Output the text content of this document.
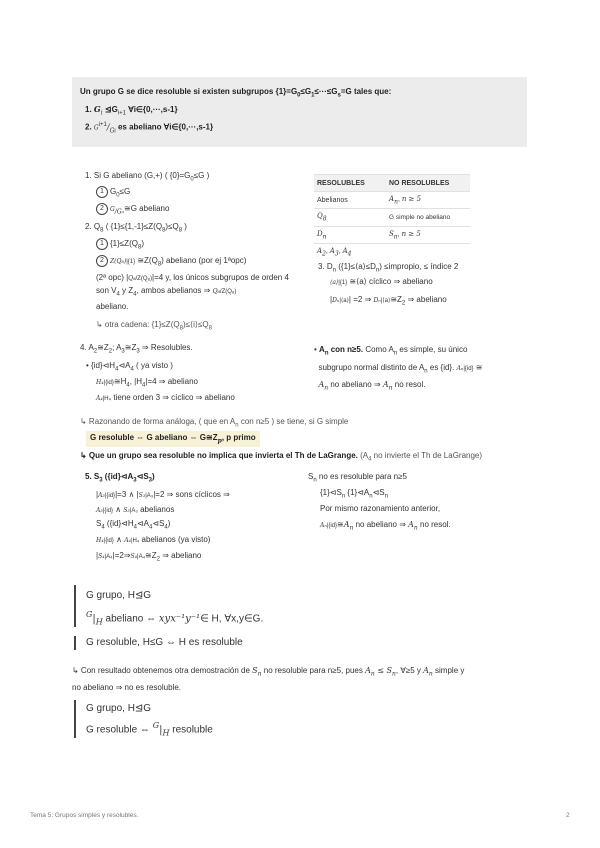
Un grupo G se dice resoluble si existen subgrupos $\{1\}=G_0\le G_1\le\cdot\cdot\cdot\le G_s=G$ tales que:
1. $G_i$ $⊴G_{i+1}$ ∀i∈{0,···,s-1}
2. $G^{i+1}/_{Gi}$ es abeliano ∀i∈{0,···,s-1}
1. Si G abeliano (G,+) ( $\{0\}=G_0\le G$ )
1 $G_0\le G$
2 $G_{/G_0}≅G$ abeliano
2. $Q_8$ ( $\{1\}\le\{1,-1\}\le Z(Q_8)\le Q_8$ )
1 $\{1\}\le Z(Q_8)$
2 Z(Q₈)|{1} $≅Z(Q_8)$ abeliano (por ej 1ªopc)
(2ª opc) |Q₈/Z(Q₈)|=4 y, los únicos subgrupos de orden 4 son $V_4$ y $Z_4$, ambos abelianos ⇒ Q₈/Z(Q₈)
abeliano.
↳ otra cadena: $\{1\}\le Z(Q_8)\le⟨i⟩\le Q_8$
RESOLUBLES	NO RESOLUBLES
Abelianos	$A_n$, n ≥ 5
$Q_8$	G simple no abeliano
$D_n$	$S_n$, n ≥ 5
$A_2$, $A_3$, $A_4$	
3. $D_n$ $(\{1\}\le⟨a⟩\le D_n)$ ≤impropio, ≤ índice 2
⟨a⟩|{1} ≅⟨a⟩ cíclico ⇒ abeliano
|Dₙ|⟨a⟩| =2 ⇒ $D_n|⟨a⟩≅Z_2$ ⇒ abeliano
4. $A_2≅Z_2$; $A_3≅Z_3$ ⇒ Resolubles.
• $\{id\}⊲H_4⊲A_4$ ( ya visto )
$H_4|\{id\}≅H_4$, $|H_4|=4$ ⇒ abeliano
A₄|H₄ tiene orden 3 ⇒ cíclico ⇒ abeliano
• $A_n$ con n≥5. Como $A_n$ es simple, su único
subgrupo normal distinto de $A_n$ es {id}. Aₙ|{id} ≅
$A_n$ no abeliano ⇒ $A_n$ no resol.
↳ Razonando de forma análoga, ( que en $A_n$ con n≥5 ) se tiene, si G simple
G resoluble ⇔ G abeliano ⇔ $G≅Z_p$, p primo
↳ Que un grupo sea resoluble no implica que invierta el Th de LaGrange. ($A_4$ no invierte el Th de LaGrange)
5. $S_3$ $(\{id\}⊲A_3⊲S_3)$
|A₃|{id}|=3 ∧ |S₃|A₃|=2 ⇒ sons cíclicos ⇒
A₃|{id} ∧ S₃|A₃ abelianos
$S_4$ $(\{id\}⊲H_4⊲A_4⊲S_4)$
H₄|{id} ∧ A₄|H₄ abelianos (ya visto)
$|S_4|A_4|=2\Rightarrow S_4|A_4≅Z_2$ ⇒ abeliano
$S_n$ no es resoluble para n≥5
$\{1\}⊲S_n$ $\{1\}⊲A_n⊲S_n$
Por mismo razonamiento anterior,
$A_n|\{id\}≅A_n$ no abeliano ⇒ $A_n$ no resol.
G grupo, H⊴G
$^G|_H$ abeliano ⇔ xyx⁻¹y⁻¹∈ H, ∀x,y∈G.
G resoluble, H≤G ⇔ H es resoluble
↳ Con resultado obtenemos otra demostración de $S_n$ no resoluble para n≥5, pues $A_n \le S_n$, ∀≥5 y $A_n$ simple y
no abeliano ⇒ no es resoluble.
G grupo, H⊴G
G resoluble ⇔ $^G|_H$ resoluble
Tema 5: Grupos simples y resolubles.	2
